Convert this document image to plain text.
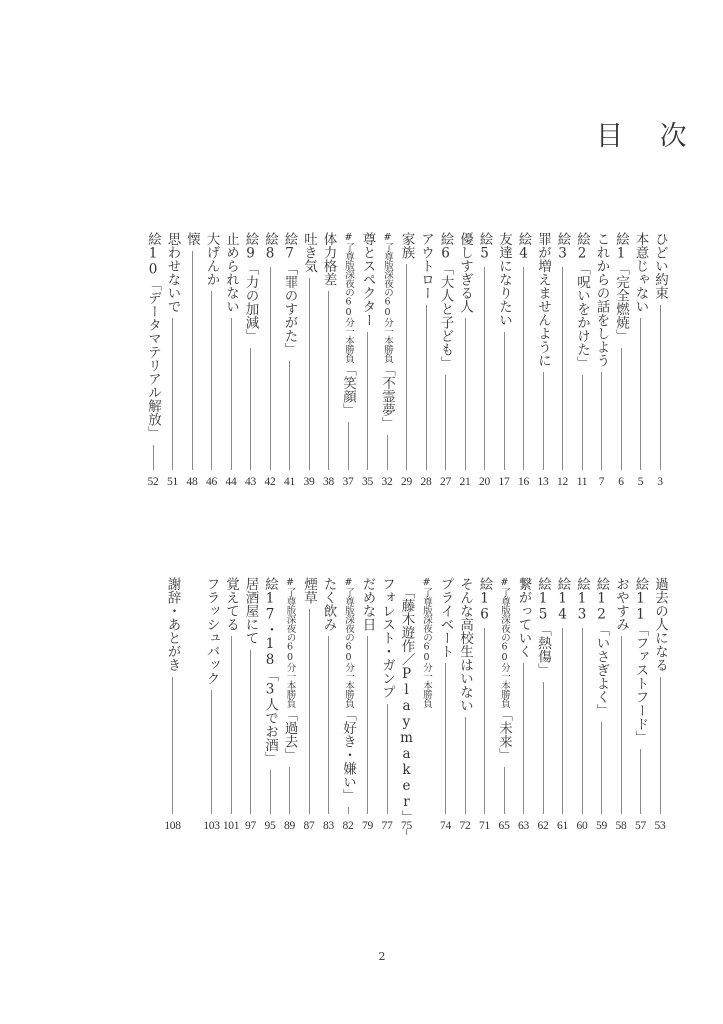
目 次
3
ひどい約束
5
本意じゃない
6
絵1「完全燃焼」
7
これからの話をしよう
11
絵2「呪いをかけた」
12
絵3
13
罪が増えませんように
16
絵4
17
友達になりたい
20
絵5
21
優しすぎる人
27
絵6「大人と子ども」
28
アウトロー
29
家族
32
#了尊版深夜の60分一本勝負「不霊夢」
35
尊とスペクター
37
#了尊版深夜の60分一本勝負「笑顔」
38
体力格差
39
吐き気
41
絵7「罪のすがた」
42
絵8
43
絵9「力の加減」
44
止められない
46
大げんか
48
懐
51
思わせないで
52
絵10「データマテリアル解放」
53
過去の人になる
57
絵11「ファストフード」
58
おやすみ
59
絵12「いさぎよく」
60
絵13
61
絵14
62
絵15「熱傷」
63
繋がっていく
65
#了尊版深夜の60分一本勝負「未来」
71
絵16
72
そんな高校生はいない
74
プライベート
#了尊版深夜の60分一本勝負
75
「藤木遊作／Playmaker」
77
フォレスト・ガンプ
79
だめな日
82
#了尊版深夜の60分一本勝負「好き・嫌い」
83
たく飲み
87
煙草
89
#了尊版深夜の60分一本勝負「過去」
95
絵17・18「3人でお酒」
97
居酒屋にて
101
覚えてる
103
フラッシュバック
108
謝辞・あとがき
2
